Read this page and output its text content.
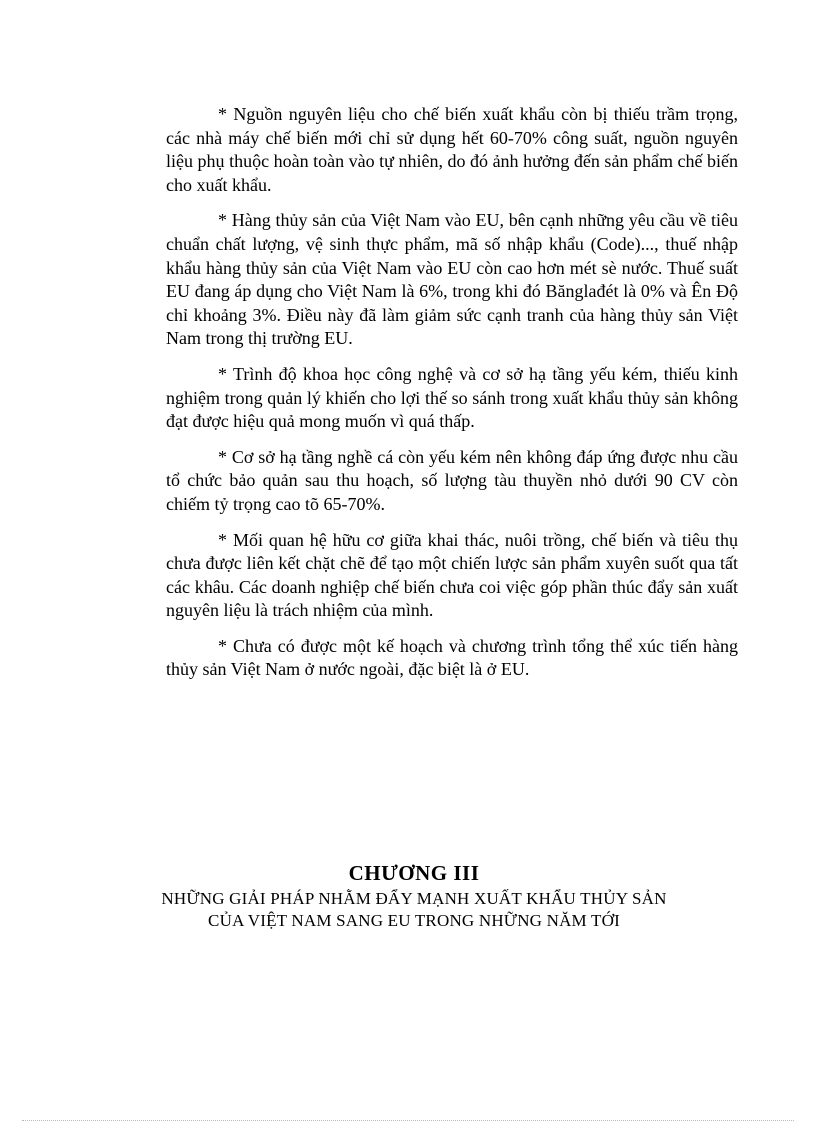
* Nguồn nguyên liệu cho chế biến xuất khẩu còn bị thiếu trầm trọng, các nhà máy chế biến mới chỉ sử dụng hết 60-70% công suất, nguồn nguyên liệu phụ thuộc hoàn toàn vào tự nhiên, do đó ảnh hưởng đến sản phẩm chế biến cho xuất khẩu.

* Hàng thủy sản của Việt Nam vào EU, bên cạnh những yêu cầu về tiêu chuẩn chất lượng, vệ sinh thực phẩm, mã số nhập khẩu (Code)..., thuế nhập khẩu hàng thủy sản của Việt Nam vào EU còn cao hơn mét sè nước. Thuế suất EU đang áp dụng cho Việt Nam là 6%, trong khi đó Bănglađét là 0% và Ên Độ chỉ khoảng 3%. Điều này đã làm giảm sức cạnh tranh của hàng thủy sản Việt Nam trong thị trường EU.

* Trình độ khoa học công nghệ và cơ sở hạ tầng yếu kém, thiếu kinh nghiệm trong quản lý khiến cho lợi thế so sánh trong xuất khẩu thủy sản không đạt được hiệu quả mong muốn vì quá thấp.

* Cơ sở hạ tầng nghề cá còn yếu kém nên không đáp ứng được nhu cầu tổ chức bảo quản sau thu hoạch, số lượng tàu thuyền nhỏ dưới 90 CV còn chiếm tỷ trọng cao tõ 65-70%.

* Mối quan hệ hữu cơ giữa khai thác, nuôi trồng, chế biến và tiêu thụ chưa được liên kết chặt chẽ để tạo một chiến lược sản phẩm xuyên suốt qua tất các khâu. Các doanh nghiệp chế biến chưa coi việc góp phần thúc đẩy sản xuất nguyên liệu là trách nhiệm của mình.

* Chưa có được một kế hoạch và chương trình tổng thể xúc tiến hàng thủy sản Việt Nam ở nước ngoài, đặc biệt là ở EU.

CHƯƠNG III

NHỮNG GIẢI PHÁP NHẰM ĐẨY MẠNH XUẤT KHẨU THỦY SẢN

CỦA VIỆT NAM SANG EU TRONG NHỮNG NĂM TỚI
